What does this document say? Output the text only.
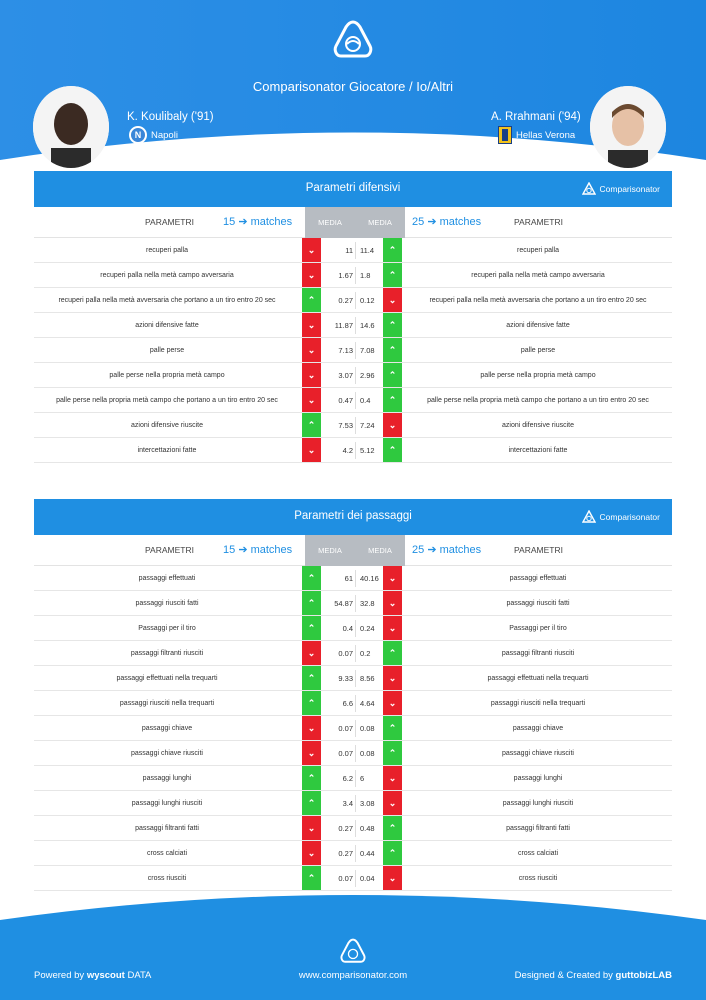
Comparisonator Giocatore / Io/Altri
K. Koulibaly ('91)
N	Napoli
A. Rrahmani ('94)
Hellas Verona
Parametri difensivi	Comparisonator
PARAMETRI	15 ➔ matches	MEDIA	MEDIA	25 ➔ matches	PARAMETRI
recuperi palla	⌄	11 11.4	⌃	recuperi palla
recuperi palla nella metà campo avversaria	⌄	1.67 1.8	⌃	recuperi palla nella metà campo avversaria
recuperi palla nella metà avversaria che portano a un tiro entro 20 sec	⌃	0.27 0.12	⌄	recuperi palla nella metà avversaria che portano a un tiro entro 20 sec
azioni difensive fatte	⌄	11.87 14.6	⌃	azioni difensive fatte
palle perse	⌄	7.13 7.08	⌃	palle perse
palle perse nella propria metà campo	⌄	3.07 2.96	⌃	palle perse nella propria metà campo
palle perse nella propria metà campo che portano a un tiro entro 20 sec	⌄	0.47 0.4	⌃	palle perse nella propria metà campo che portano a un tiro entro 20 sec
azioni difensive riuscite	⌃	7.53 7.24	⌄	azioni difensive riuscite
intercettazioni fatte	⌄	4.2 5.12	⌃	intercettazioni fatte
Parametri dei passaggi	Comparisonator
PARAMETRI	15 ➔ matches	MEDIA	MEDIA	25 ➔ matches	PARAMETRI
passaggi effettuati	⌃	61 40.16	⌄	passaggi effettuati
passaggi riusciti fatti	⌃	54.87 32.8	⌄	passaggi riusciti fatti
Passaggi per il tiro	⌃	0.4 0.24	⌄	Passaggi per il tiro
passaggi filtranti riusciti	⌄	0.07 0.2	⌃	passaggi filtranti riusciti
passaggi effettuati nella trequarti	⌃	9.33 8.56	⌄	passaggi effettuati nella trequarti
passaggi riusciti nella trequarti	⌃	6.6 4.64	⌄	passaggi riusciti nella trequarti
passaggi chiave	⌄	0.07 0.08	⌃	passaggi chiave
passaggi chiave riusciti	⌄	0.07 0.08	⌃	passaggi chiave riusciti
passaggi lunghi	⌃	6.2 6	⌄	passaggi lunghi
passaggi lunghi riusciti	⌃	3.4 3.08	⌄	passaggi lunghi riusciti
passaggi filtranti fatti	⌄	0.27 0.48	⌃	passaggi filtranti fatti
cross calciati	⌄	0.27 0.44	⌃	cross calciati
cross riusciti	⌃	0.07 0.04	⌄	cross riusciti
Powered by wyscout DATA	www.comparisonator.com	Designed & Created by guttobizLAB
